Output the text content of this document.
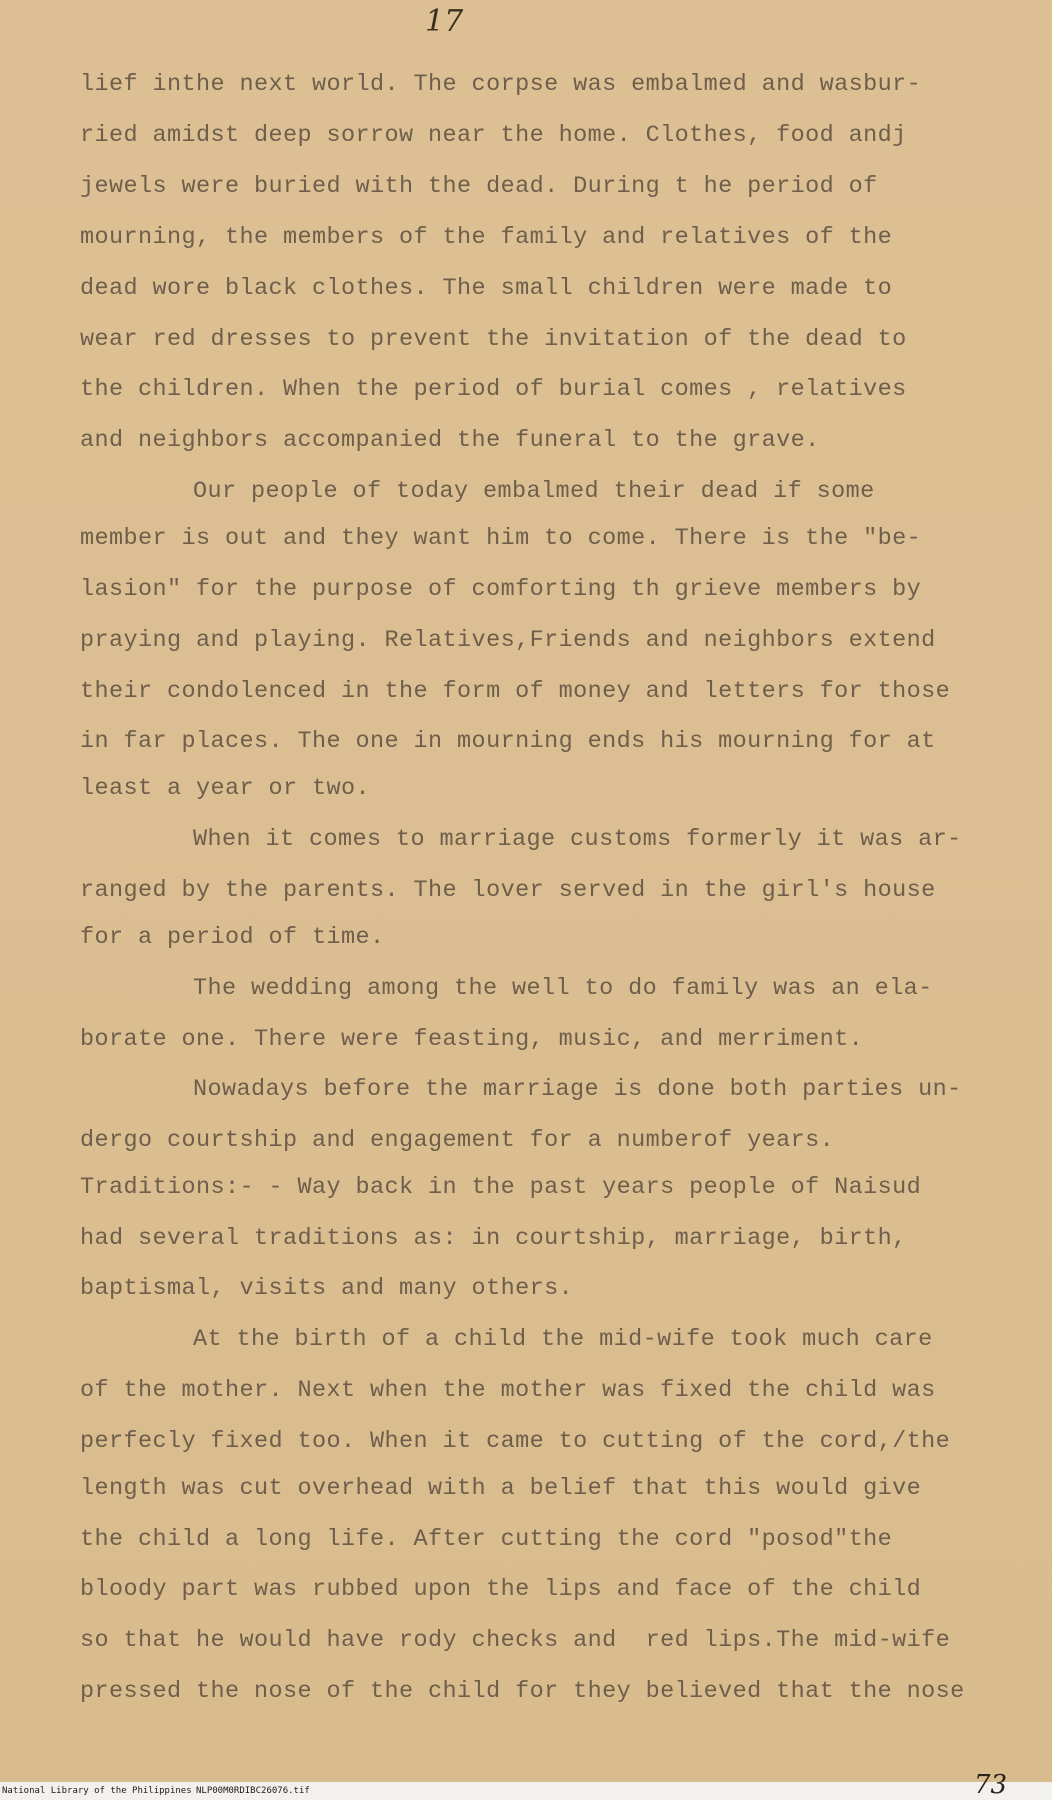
17
lief inthe next world. The corpse was embalmed and wasbur-
ried amidst deep sorrow near the home. Clothes, food andj
jewels were buried with the dead. During t he period of
mourning, the members of the family and relatives of the
dead wore black clothes. The small children were made to
wear red dresses to prevent the invitation of the dead to
the children. When the period of burial comes , relatives
and neighbors accompanied the funeral to the grave.
Our people of today embalmed their dead if some
member is out and they want him to come. There is the "be-
lasion" for the purpose of comforting th grieve members by
praying and playing. Relatives,Friends and neighbors extend
their condolenced in the form of money and letters for those
in far places. The one in mourning ends his mourning for at
least a year or two.
When it comes to marriage customs formerly it was ar-
ranged by the parents. The lover served in the girl's house
for a period of time.
The wedding among the well to do family was an ela-
borate one. There were feasting, music, and merriment.
Nowadays before the marriage is done both parties un-
dergo courtship and engagement for a numberof years.
Traditions:- - Way back in the past years people of Naisud
had several traditions as: in courtship, marriage, birth,
baptismal, visits and many others.
At the birth of a child the mid-wife took much care
of the mother. Next when the mother was fixed the child was
perfecly fixed too. When it came to cutting of the cord,/the
length was cut overhead with a belief that this would give
the child a long life. After cutting the cord "posod"the
bloody part was rubbed upon the lips and face of the child
so that he would have rody checks and  red lips.The mid-wife
pressed the nose of the child for they believed that the nose
National Library of the Philippines NLP00M0RDIBC26076.tif	73
